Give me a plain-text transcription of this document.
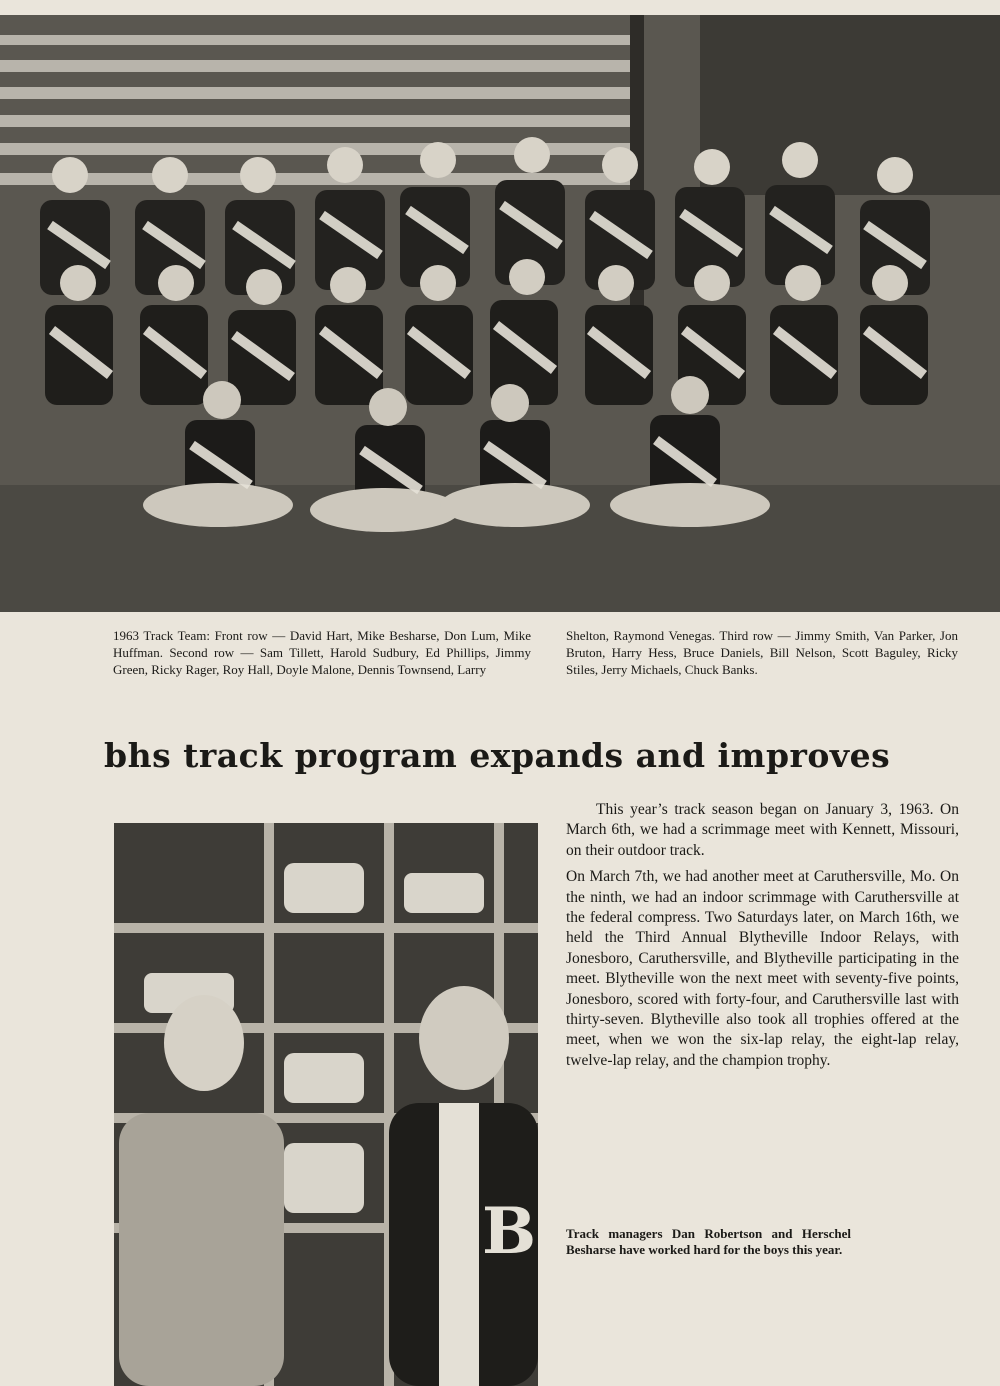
1963 Track Team: Front row — David Hart, Mike Besharse, Don Lum, Mike Huffman. Second row — Sam Tillett, Harold Sudbury, Ed Phillips, Jimmy Green, Ricky Rager, Roy Hall, Doyle Malone, Dennis Townsend, Larry
Shelton, Raymond Venegas. Third row — Jimmy Smith, Van Parker, Jon Bruton, Harry Hess, Bruce Daniels, Bill Nelson, Scott Baguley, Ricky Stiles, Jerry Michaels, Chuck Banks.
bhs track program expands and improves
B

This year’s track season began on January 3, 1963. On March 6th, we had a scrimmage meet with Kennett, Missouri, on their outdoor track.

On March 7th, we had another meet at Caruthersville, Mo. On the ninth, we had an indoor scrimmage with Caruthersville at the federal compress. Two Saturdays later, on March 16th, we held the Third Annual Blytheville Indoor Relays, with Jonesboro, Caruthersville, and Blytheville participating in the meet. Blytheville won the next meet with seventy-five points, Jonesboro, scored with forty-four, and Caruthersville last with thirty-seven. Blytheville also took all trophies offered at the meet, when we won the six-lap relay, the eight-lap relay, twelve-lap relay, and the champion trophy.

Track managers Dan Robertson and Herschel Besharse have worked hard for the boys this year.
